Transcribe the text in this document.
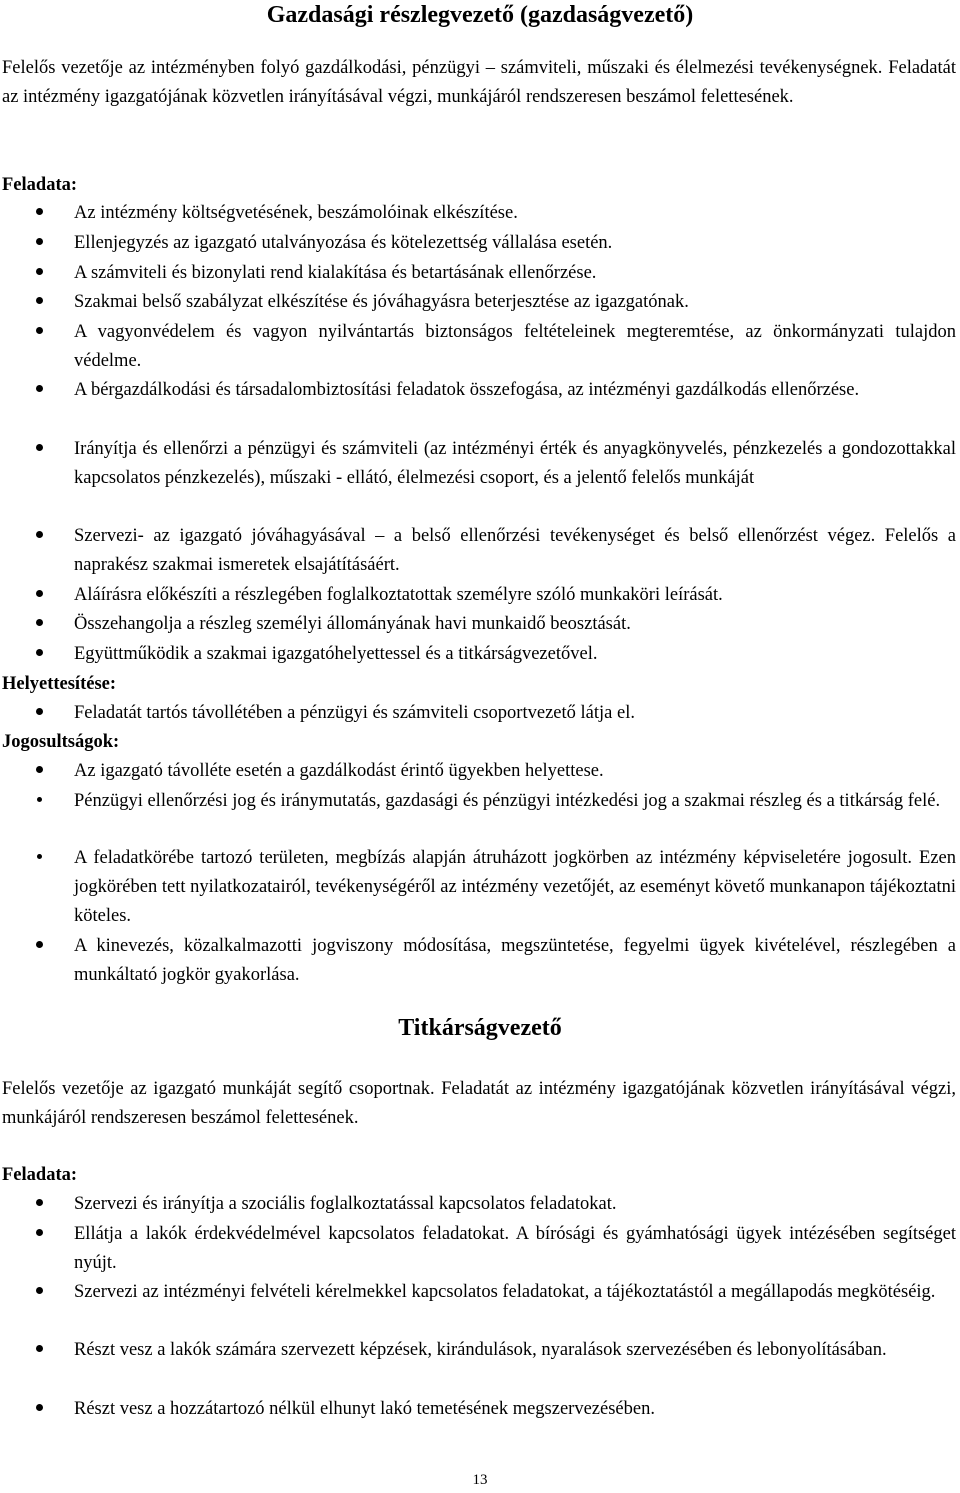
Gazdasági részlegvezető (gazdaságvezető)
Felelős vezetője az intézményben folyó gazdálkodási, pénzügyi – számviteli, műszaki és élelmezési tevékenységnek. Feladatát az intézmény igazgatójának közvetlen irányításával végzi, munkájáról rendszeresen beszámol felettesének.
Feladata:
Az intézmény költségvetésének, beszámolóinak elkészítése.
Ellenjegyzés az igazgató utalványozása és kötelezettség vállalása esetén.
A számviteli és bizonylati rend kialakítása és betartásának ellenőrzése.
Szakmai belső szabályzat elkészítése és jóváhagyásra beterjesztése az igazgatónak.
A vagyonvédelem és vagyon nyilvántartás biztonságos feltételeinek megteremtése, az önkormányzati tulajdon védelme.
A bérgazdálkodási és társadalombiztosítási feladatok összefogása, az intézményi gazdálkodás ellenőrzése.
Irányítja és ellenőrzi a pénzügyi és számviteli (az intézményi érték és anyagkönyvelés, pénzkezelés a gondozottakkal kapcsolatos pénzkezelés), műszaki - ellátó, élelmezési csoport, és a jelentő felelős munkáját
Szervezi- az igazgató jóváhagyásával – a belső ellenőrzési tevékenységet és belső ellenőrzést végez. Felelős a naprakész szakmai ismeretek elsajátításáért.
Aláírásra előkészíti a részlegében foglalkoztatottak személyre szóló munkaköri leírását.
Összehangolja a részleg személyi állományának havi munkaidő beosztását.
Együttműködik a szakmai igazgatóhelyettessel és a titkárságvezetővel.
Helyettesítése:
Feladatát tartós távollétében a pénzügyi és számviteli csoportvezető látja el.
Jogosultságok:
Az igazgató távolléte esetén a gazdálkodást érintő ügyekben helyettese.
Pénzügyi ellenőrzési jog és iránymutatás, gazdasági és pénzügyi intézkedési jog a szakmai részleg és a titkárság felé.
A feladatkörébe tartozó területen, megbízás alapján átruházott jogkörben az intézmény képviseletére jogosult. Ezen jogkörében tett nyilatkozatairól, tevékenységéről az intézmény vezetőjét, az eseményt követő munkanapon tájékoztatni köteles.
A kinevezés, közalkalmazotti jogviszony módosítása, megszüntetése, fegyelmi ügyek kivételével, részlegében a munkáltató jogkör gyakorlása.
Titkárságvezető
Felelős vezetője az igazgató munkáját segítő csoportnak. Feladatát az intézmény igazgatójának közvetlen irányításával végzi, munkájáról rendszeresen beszámol felettesének.
Feladata:
Szervezi és irányítja a szociális foglalkoztatással kapcsolatos feladatokat.
Ellátja a lakók érdekvédelmével kapcsolatos feladatokat. A bírósági és gyámhatósági ügyek intézésében segítséget nyújt.
Szervezi az intézményi felvételi kérelmekkel kapcsolatos feladatokat, a tájékoztatástól a megállapodás megkötéséig.
Részt vesz a lakók számára szervezett képzések, kirándulások, nyaralások szervezésében és lebonyolításában.
Részt vesz a hozzátartozó nélkül elhunyt lakó temetésének megszervezésében.
13
